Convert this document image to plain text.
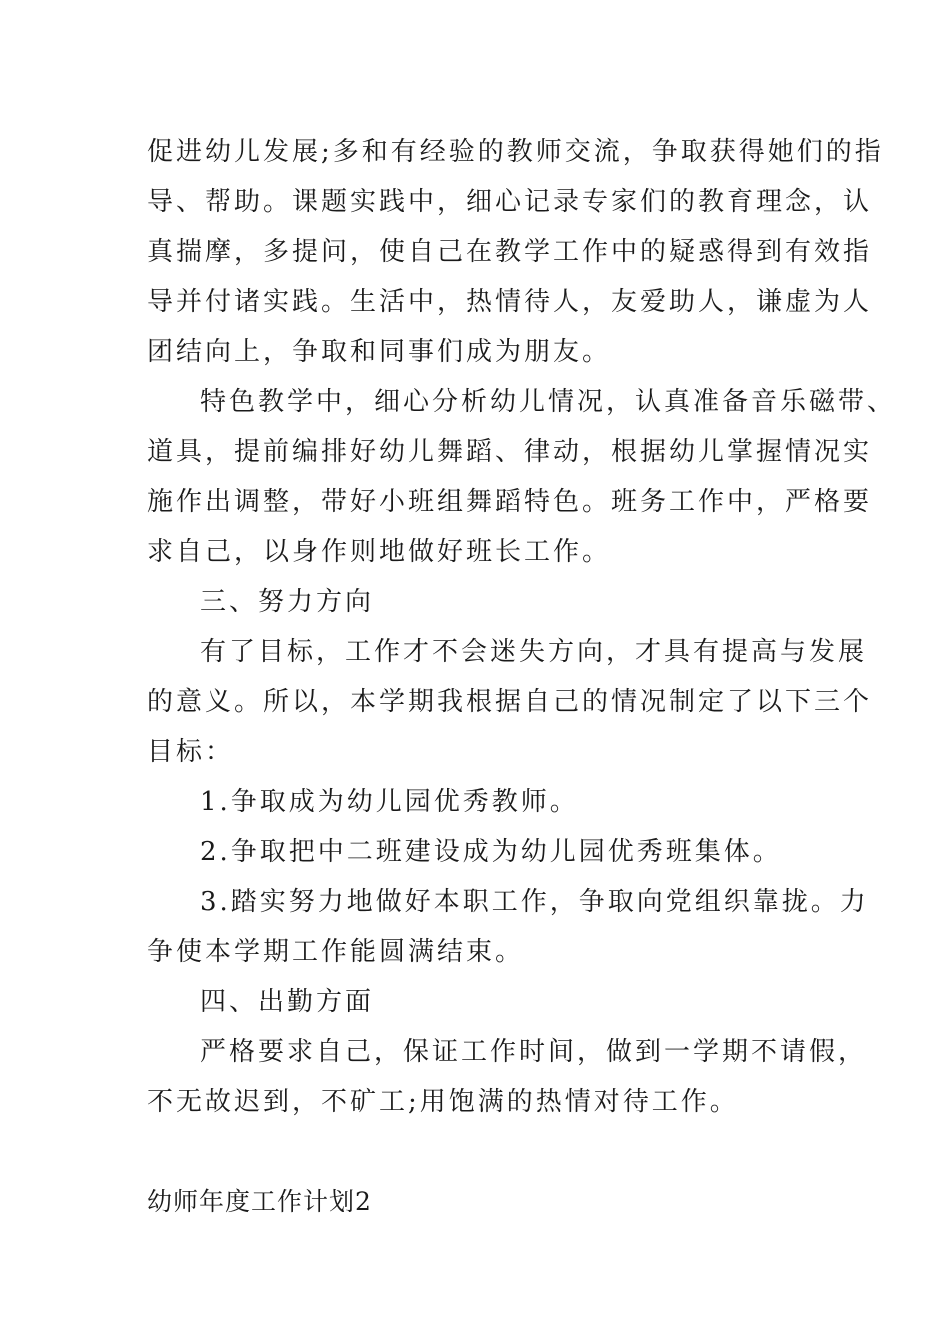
促进幼儿发展;多和有经验的教师交流，争取获得她们的指
导、帮助。课题实践中，细心记录专家们的教育理念，认
真揣摩，多提问，使自己在教学工作中的疑惑得到有效指
导并付诸实践。生活中，热情待人，友爱助人，谦虚为人
团结向上，争取和同事们成为朋友。
特色教学中，细心分析幼儿情况，认真准备音乐磁带、
道具，提前编排好幼儿舞蹈、律动，根据幼儿掌握情况实
施作出调整，带好小班组舞蹈特色。班务工作中，严格要
求自己，以身作则地做好班长工作。
三、努力方向
有了目标，工作才不会迷失方向，才具有提高与发展
的意义。所以，本学期我根据自己的情况制定了以下三个
目标：
1.争取成为幼儿园优秀教师。
2.争取把中二班建设成为幼儿园优秀班集体。
3.踏实努力地做好本职工作，争取向党组织靠拢。力
争使本学期工作能圆满结束。
四、出勤方面
严格要求自己，保证工作时间，做到一学期不请假，
不无故迟到，不矿工;用饱满的热情对待工作。
幼师年度工作计划2
